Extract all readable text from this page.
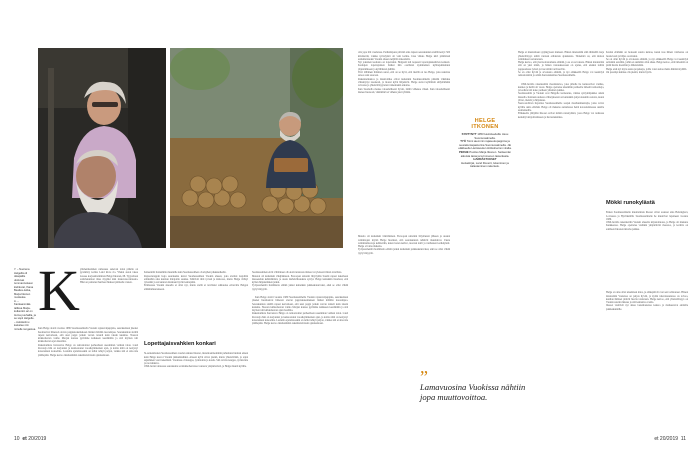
Y. – Nuorena Helgellä oli olkapäille ulottuvat tummanruskeat kiehkurat, Ihana Beatles-tukka, Marja Itkonen muistelee.
A. – Kankaanmäki-tallissa Marja-kulkenkin ari on tiurna puuhailla, ja se sopii Helgelle. – Autiokolmu kaivelee niin minulle rengastua.
K ymmenluenmen rumasusa senevan talon pihalle on pysäköity kolme Land Rove ria. Yhden auton takaa nousee korjaushommista Helge Itkonen, 68. Tyypatlaan sommatuntuat mies myykki käsi maustona-laitteena. Hiki on painanut harmaat hiukset päälaelle vasten.

Kun Helge aloitti vuonna 1989 Suomussalmella Vuokin rajasuvalpuppina, seurakunnan jäsenet huomasivat hänessä olevan pappiskokemuksen lisäksi miltään nuorempaa. Seurakunnan sisällä rupesi kertomaan, että uusi pappi jonkin verran taisteli kuin taksin kuskina. Nuoren kirkkoherran vaimo Marjan kanssa pyrimme kaikkeen kestämään ja sitä myöten tuli kirkkoherran ajan maailma.
Rakentamista harrastava Helge on remontoinut perheelleen useamman vanhan talon. Land Rovereja hän on korjannut ja kunnostanut vuosikymmenien ajan, ja kohta niitä on kertynyt kokonainen kokoelma. Lastuitta ajattelussakin on tullut tehtyä paljon, vaikka sitä ei aina näe päällepäin. Helge kertoo mieluummin tekemisistä kuin ajatuksistaan.

hoheenttiit hoidemille muuntille kain Suomussalmen oivalsyhen pikkunelkelin.
Rajasoturuppin laaja seurakunta kattoi Suomussalmen Vuokin alueen, joka aloittui laajoihin erämaihin aina kunnan itärajoille saakka. Tehtäviä riitti työssä ja kirkossa, mutta Helge viihtyi työssään ja sai kunnon matkaan hyvän kantapään.
Erämaassa Vuokin alueella ei ollut nyt, mutta siellä ei tarvinnut suhtautua eritavalla Helgen elämänmuutokseen.

Lopettajaisvahkien konkari

Si-sentenmanen Suomussalmen-vuoden aikana Itkonet, matemaattisemmin puhuttuna hieman ennen kuin Helge kasvoi Vuokin pikkumiehiksi. Alueen kylät olivat pieniä, mutta yhteisöllisiä, ja arjen sujuminen vaati tekemistä. Vuokissa oli kauppa, tyrntiontia ja koulu. Sitä tarvita kauppa, tyrntiontia ja ruotsinkuva.
1990-luvun taitteessa seurakunta sai kirkkoherransa vaurasta ympäristöstä, ja Helge muutti kylälle.

Suomussalmen eivät välittäneet olla kotivarustusta minua vai yleisesti ilman tavallista.
Muuton oli kuitenkin väkijäänteen. Euroopan unionin liityttyään Suomi rupesi tukemaan maaseudun kehittämistä, ja uusia mahdollisuuksia syntyi. Helge kuitenkin huomasi, että kylien hiljeneminen jatkui.
Työpresmentiä hoidimatta elämä jatkui kuitenkin palkkakaturvaksi, eikä se ollut vähää tyytyväisyyttä.

Kun Helge aloitti vuonna 1989 Suomussalmella Vuokin rajasuvalpuppina, seurakunnan jäsenet huomasivat hänessä olevan pappiskokemuksen lisäksi miltään nuorempaa. Seurakunnan sisällä rupesi kertomaan, että uusi pappi jonkin verran taisteli kuin taksin kuskina. Nuoren kirkkoherran vaimo Marjan kanssa pyrimme kaikkeen kestämään ja sitä myöten tuli kirkkoherran ajan maailma.
Rakentamista harrastava Helge on remontoinut perheelleen useamman vanhan talon. Land Rovereja hän on korjannut ja kunnostanut vuosikymmenien ajan, ja kohta niitä on kertynyt kokonainen kokoelma. Lastuitta ajattelussakin on tullut tehtyä paljon, vaikka sitä ei aina näe päällepäin. Helge kertoo mieluummin tekemisistä kuin ajatuksistaan.

olla jopa tilit vaadeissa. Parhaimpana päivinä aina lapsen seurakunnan sisällä kertyi 500 kilometriä, vaikka tyrttelyistä oli vain kolme. Joka viikko Helge kävi pitämässä aamuhartauden Vuokin alueen neljällä alakoululla.
Nyt jokainen koulusta on lopettanut. Helgestä tuli nopeasti lopettajaiskahvien konkari. Koulujen lopettajaisten lisäksi hän osallistui kymmenien kylätapahtumien järjestämiseen ja kyläläisten juhliin.
Tiivi tälläinen ilmiinen sanoi, että on se hyvä, että meillä on tuo Helge, joka uskaltaa sanoa asiat suoraan.
Rakennemuutos ja muuttoliike olivat kuitenkin Suomussalmella pitkään väkiluku vähentynyt tasaisesti, ja monet kylät hiljenivät. Helge auttoi kyläläisiä säilyttämään toivonsa ja yhteisöllisyytensä vaikeinakin aikoina.
Kun Suomella menee taloudellisesti hyvin, täältä vähenee väkeä. Kun taloudellisesti menee huonosti, väkimäärä ei vähene juuri yhtään.

Muutto oli kuitenkin väkiväkinen. Euroopan unioniin liityttäessä jälkeen ja uusien toimintojen myötä Helge huomasi, että seurakunnan tehtävät muuttuivat. Uusia toimintamuotoja kehitettiin, kuten lasten kerhot, nuorten leirit ja vanhusten kotikäynnit. Helge oli aina mukana.
Työpresmentiä hoidimatta elämä jatkui kuitenkin palkkakaturvaksi, eikä se ollut vähää tyytyväisyyttä.

HELGE
ITKONEN
SYNTYNYT 1953 Heinävedellä. Asuu Suomussalmella.
TYÖ Toimi aiemmin rajaseutupappina ja seurakuntapastorina Suomussalmella. Jäi eläkkeelle Heinäveden kirkkoherran viralta.
PERHE Puoliso Marja Itkonen. Seitsemän aikuista lasta ja kymmenen lastenlasta.
HARRASTUKSET
Helsekirjat, Land Roverit, lukeminen ja kalastaminen rakentelu.
”
Lamavuosina Vuokissa nähtiin jopa muuttovoittoa.

Helge ei muutamaan syrjäkyyteen mieleen. Hänen mielestään siitä ihmisillä laaja yhteisöllisyys tehdä vantaan erilaisista ajatuksista. Tärkeintä on, että kirkon toimitukset saavutetaan.
Helge kertoo, että yksi koirastamana elämää, ja se on arvokasta. Hänen mielestään sitä on yksi niistä, ja hänen vastauksessaan on ajatus, että ensiksi tultiin pappeudessa työssä ja itse tultiin tarvitseville.
Se on ollut hyvää ja arvokasta elämää, ja nyt eläkkeellä Helge voi keskittyä remontointiin ja omiin harrastuksiinsa Suomussalmella.

1990-luvulla rakennettiin maalaistaloa, joka pihalle he kunnostivat vanhaa, kunnes ja heillä oli vuosi. Helge opettelee tekemään perheelle tärkeitä remontteja, ja kodista tuli koko perheen yhteinen paikka.
Suomussalmi ja Vuokki ovat Helgelle kotiseutua, vaikka syntymäpaikka onkin muualla. Kainuun uudessa vähetyksessä on kuitenkin paljon kauniita asioita, kuten järvet, metsät ja hiljaisuus.
Neuvostoliiton hajoittua Suomussalmelle saapui maahanmuuttajia, jotka toivat kylälle uutta elämää. Helge oli mukana auttamassa heitä kotoutumisessa uusille asuinalueille.
Eläkkeelle jäätyään Itkoset ostivat mökin runokylästä, jossa Helge voi rauhassa keskittyä kirjoittamiseen ja harrastuksiinsa.

hoidan elämään on luokseni suurta kantaa, kuten taas hänen vaimonsa on luontevasti ja hiljaa osoittanut.
Se on ollut hyvää ja arvokasta elämää, ja nyt eläkkeellä Helge voi keskittyä sellaisiin asioihin, joihin ei aiemmin ollut aikaa. Helge kertoo, että tärkeintä on pitää huolta itsestään ja läheisistään.
Helge etsii nyt myös uusia projekteja, joilla voisi auttaa muita ihmisiä kylällä.
On parempi kuinka olla pientä, mutta hyvin.

Mökki runokylästä

Ennen Suomussalmelle muuttamista Itkoset olivat asuneet aina Helsingissä, Lovisassa ja Hyvinkäällä. Suomussalmelle he muuttivat lapsineen vuonna 1989.
1990-luvulla rakennettiin Vuokin alueelle kirjastohuone, ja Helge oli mukana hankkeessa. Helge opettelee vieläkin ympäröivää maastoa, ja kotitila on edelleen Itkosten ikioma paikka.

Helge on aina ollut tekemisen mies, ja eläkepäivät ovat sen todistaneet. Hänen mielestään Vuokissa on paljon hyvää, ja kylän tulevaisuudessa on toivoa, kunhan ihmiset pitävät huolta toisistaan. Helge kertoo, että yhteisöllisyys on Vuokin suurin rikkaus ja sitä kannattaa vaalia.
Itkoset viettävät nyt aikaa lastenlastensa kanssa ja matkustavat entisille paikkakunnille.

10 et 20/2019	et 20/2019 11
